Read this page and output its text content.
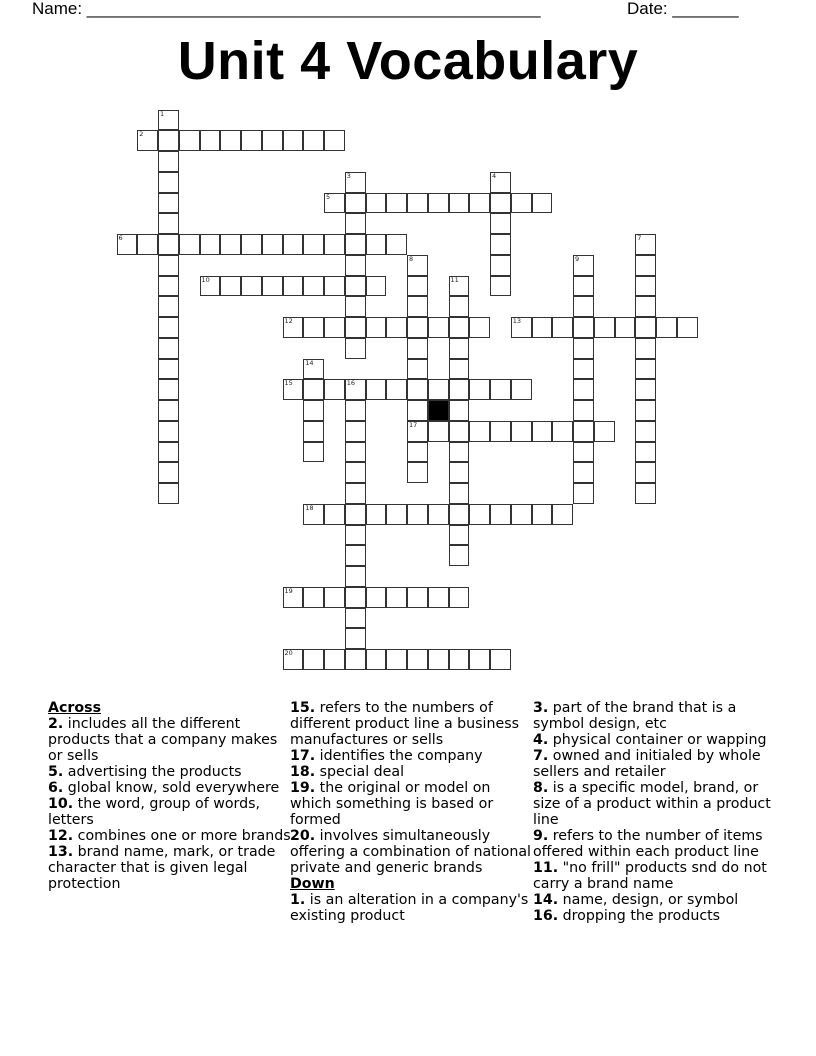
Name: ________________________________________________	Date: _______
Unit 4 Vocabulary
1
2
3	4
5
6	7
8
17
9
10	11
12	13
14
15	16
18
19
20
Across
2. includes all the different products that a company makes or sells
5. advertising the products
6. global know, sold everywhere
10. the word, group of words, letters
12. combines one or more brands
13. brand name, mark, or trade character that is given legal protection
15. refers to the numbers of different product line a business manufactures or sells
17. identifies the company
18. special deal
19. the original or model on which something is based or formed
20. involves simultaneously offering a combination of national private and generic brands
Down
1. is an alteration in a company's existing product
3. part of the brand that is a symbol design, etc
4. physical container or wapping
7. owned and initialed by whole sellers and retailer
8. is a specific model, brand, or size of a product within a product line
9. refers to the number of items offered within each product line
11. "no frill" products snd do not carry a brand name
14. name, design, or symbol
16. dropping the products
